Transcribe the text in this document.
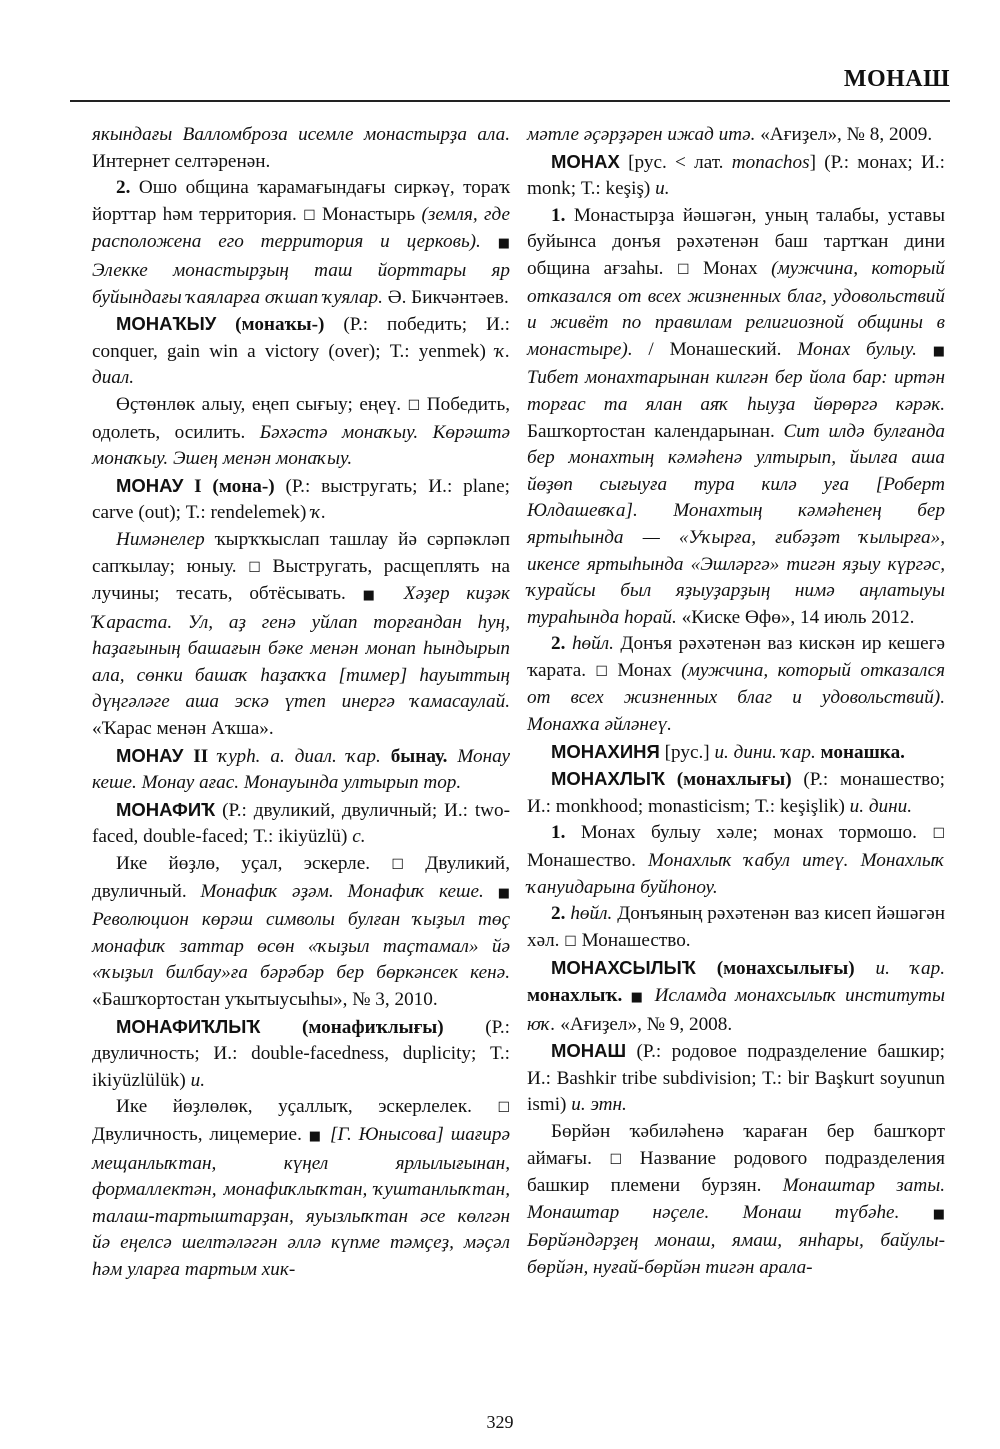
МОНАШ

якындағы Валломброза исемле монастырҙа ала. Интернет селтәренән.

2. Ошо община ҡарамағындағы сиркәү, тораҡ йорттар һәм территория. ☐ Монастырь (земля, где расположена его территория и церковь). ■ Элекке монастырҙың таш йорттары яр буйындағы ҡаяларға оҡшап ҡуялар. Ә. Бикчәнтәев.

МОНАҠЫУ (монаҡы-) (Р.: победить; И.: conquer, gain win a victory (over); Т.: yenmek) ҡ. диал.

Өҫтөнлөк алыу, еңеп сығыу; еңеү. ☐ Победить, одолеть, осилить. Бәхәстә монаҡыу. Көрәштә монаҡыу. Эшең менән монаҡыу.

МОНАУ I (мона-) (Р.: выстругать; И.: plane; carve (out); Т.: rendelemek) ҡ.

Нимәнелер ҡырҡҡыслап ташлау йә сәрпәкләп сапҡылау; юныу. ☐ Выстругать, расщеплять на лучины; тесать, обтёсывать. ■ Хәҙер киҙәк Ҡараста. Ул, аҙ генә уйлап торғандан һуң, һаҙағының башағын бәке менән монап һындырып ала, сөнки башаҡ һаҙаҡҡа [тимер] һауыттың дүңгәләге аша эскә үтеп инергә ҡамасаулай. «Ҡарас менән Аҡша».

МОНАУ II ҡурһ. а. диал. ҡар. бынау. Монау кеше. Монау ағас. Монауында ултырып тор.

МОНАФИҠ (Р.: двуликий, двуличный; И.: two-faced, double-faced; Т.: ikiyüzlü) с.

Ике йөҙлө, уҫал, эскерле. ☐ Двуликий, двуличный. Монафиҡ әҙәм. Монафиҡ кеше. ■ Революцион көрәш символы булған ҡыҙыл төҫ монафиҡ заттар өсөн «ҡыҙыл таҫтамал» йә «ҡыҙыл билбау»ға бәрәбәр бер бөркәнсек кенә. «Башҡортостан уҡытыусыһы», № 3, 2010.

МОНАФИҠЛЫҠ (монафиҡлығы) (Р.: двуличность; И.: double-facedness, duplicity; Т.: ikiyüzlülük) и.

Ике йөҙлөлөк, уҫаллыҡ, эскерлелек. ☐ Двуличность, лицемерие. ■ [Г. Юнысова] шағирә мещанлыҡтан, күңел ярлылығынан, формаллектән, монафиҡлыҡтан, ҡуштанлыҡтан, талаш-тартыштарҙан, яуызлыҡтан әсе көлгән йә еңелсә шелтәләгән әллә күпме тәмҫеҙ, мәҫәл һәм уларға тартым хик-

мәтле әҫәрҙәрен ижад итә. «Ағиҙел», № 8, 2009.

МОНАХ [рус. < лат. monachos] (Р.: монах; И.: monk; Т.: keşiş) и.

1. Монастырҙа йәшәгән, уның талабы, уставы буйынса донъя рәхәтенән баш тартҡан дини община ағзаһы. ☐ Монах (мужчина, который отказался от всех жизненных благ, удовольствий и живёт по правилам религиозной общины в монастыре). / Монашеский. Монах булыу. ■ Тибет монахтарынан килгән бер йола бар: иртән торғас та ялан аяҡ һыуҙа йөрөргә кәрәк. Башҡортостан календарынан. Сит илдә булғанда бер монахтың кәмәһенә ултырып, йылға аша йөҙөп сығыуға тура килә уға [Роберт Юлдашевҡа]. Монахтың кәмәһенең бер яртыһында — «Уҡырға, ғибәҙәт ҡылырға», икенсе яртыһында «Эшләргә» тигән яҙыу күргәс, ҡурайсы был яҙыуҙарҙың нимә аңлатыуы тураһында һорай. «Киске Өфө», 14 июль 2012.

2. һөйл. Донъя рәхәтенән ваз кискән ир кешегә ҡарата. ☐ Монах (мужчина, который отказался от всех жизненных благ и удовольствий). Монахҡа әйләнеү.

МОНАХИНЯ [рус.] и. дини. ҡар. монашка.

МОНАХЛЫҠ (монахлығы) (Р.: монашество; И.: monkhood; monasticism; Т.: keşişlik) и. дини.

1. Монах булыу хәле; монах тормошо. ☐ Монашество. Монахлыҡ ҡабул итеү. Монахлыҡ ҡануидарына буйһоноу.

2. һөйл. Донъяның рәхәтенән ваз кисеп йәшәгән хәл. ☐ Монашество.

МОНАХСЫЛЫҠ (монахсылығы) и. ҡар. монахлыҡ. ■ Исламда монахсылыҡ институты юҡ. «Ағиҙел», № 9, 2008.

МОНАШ (Р.: родовое подразделение башкир; И.: Bashkir tribe subdivision; Т.: bir Başkurt soyunun ismi) и. этн.

Бөрйән ҡәбиләһенә ҡараған бер башҡорт аймағы. ☐ Название родового подразделения башкир племени бурзян. Монаштар заты. Монаштар нәҫеле. Монаш түбәһе.	■ Бөрйәндәрҙең монаш, ямаш, янһары, байулы-бөрйән, нуғай-бөрйән тигән арала-

329
